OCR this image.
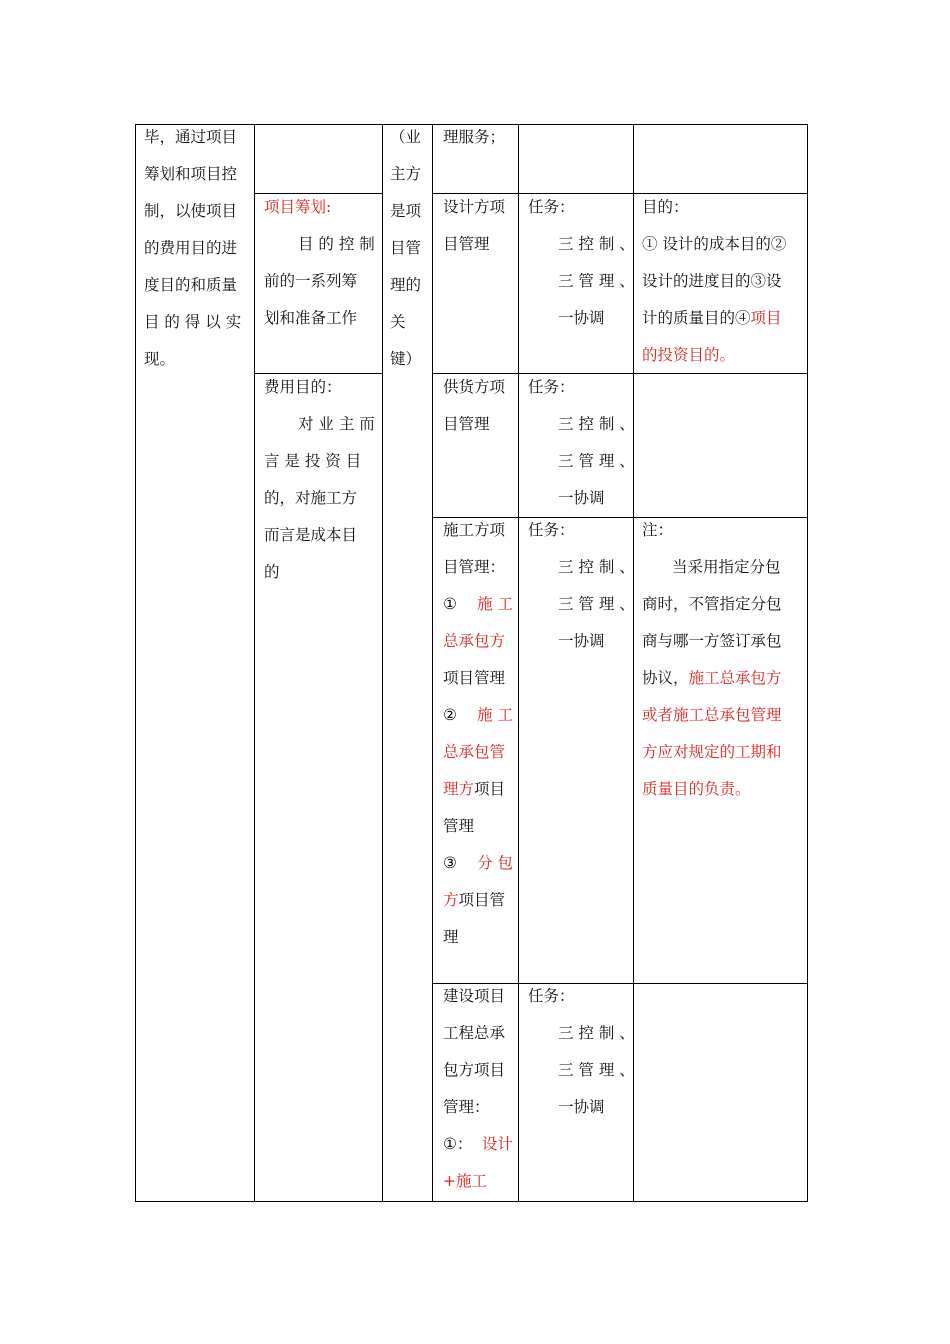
毕，通过项目

筹划和项目控

制，以使项目

的费用目的进

度目的和质量

目 的 得 以 实

现。

项目筹划:

目 的 控 制

前的一系列筹

划和准备工作

费用目的：

对 业 主 而

言 是 投 资 目

的，对施工方

而言是成本目

的

（业

主方

是项

目管

理的

关

键）

理服务；

设计方项

目管理

任务：

三 控 制 、

三 管 理 、

一协调

目的：

① 设计的成本目的②

设计的进度目的③设

计的质量目的④项目

的投资目的。

供货方项

目管理

任务：

三 控 制 、

三 管 理 、

一协调

施工方项

目管理：

① 施 工

总承包方

项目管理

② 施 工

总承包管

理方项目

管理

③ 分 包

方项目管

理

任务：

三 控 制 、

三 管 理 、

一协调

注：

当采用指定分包

商时，不管指定分包

商与哪一方签订承包

协议，施工总承包方

或者施工总承包管理

方应对规定的工期和

质量目的负责。

建设项目

工程总承

包方项目

管理：

①： 设计

+施工

任务：

三 控 制 、

三 管 理 、

一协调
